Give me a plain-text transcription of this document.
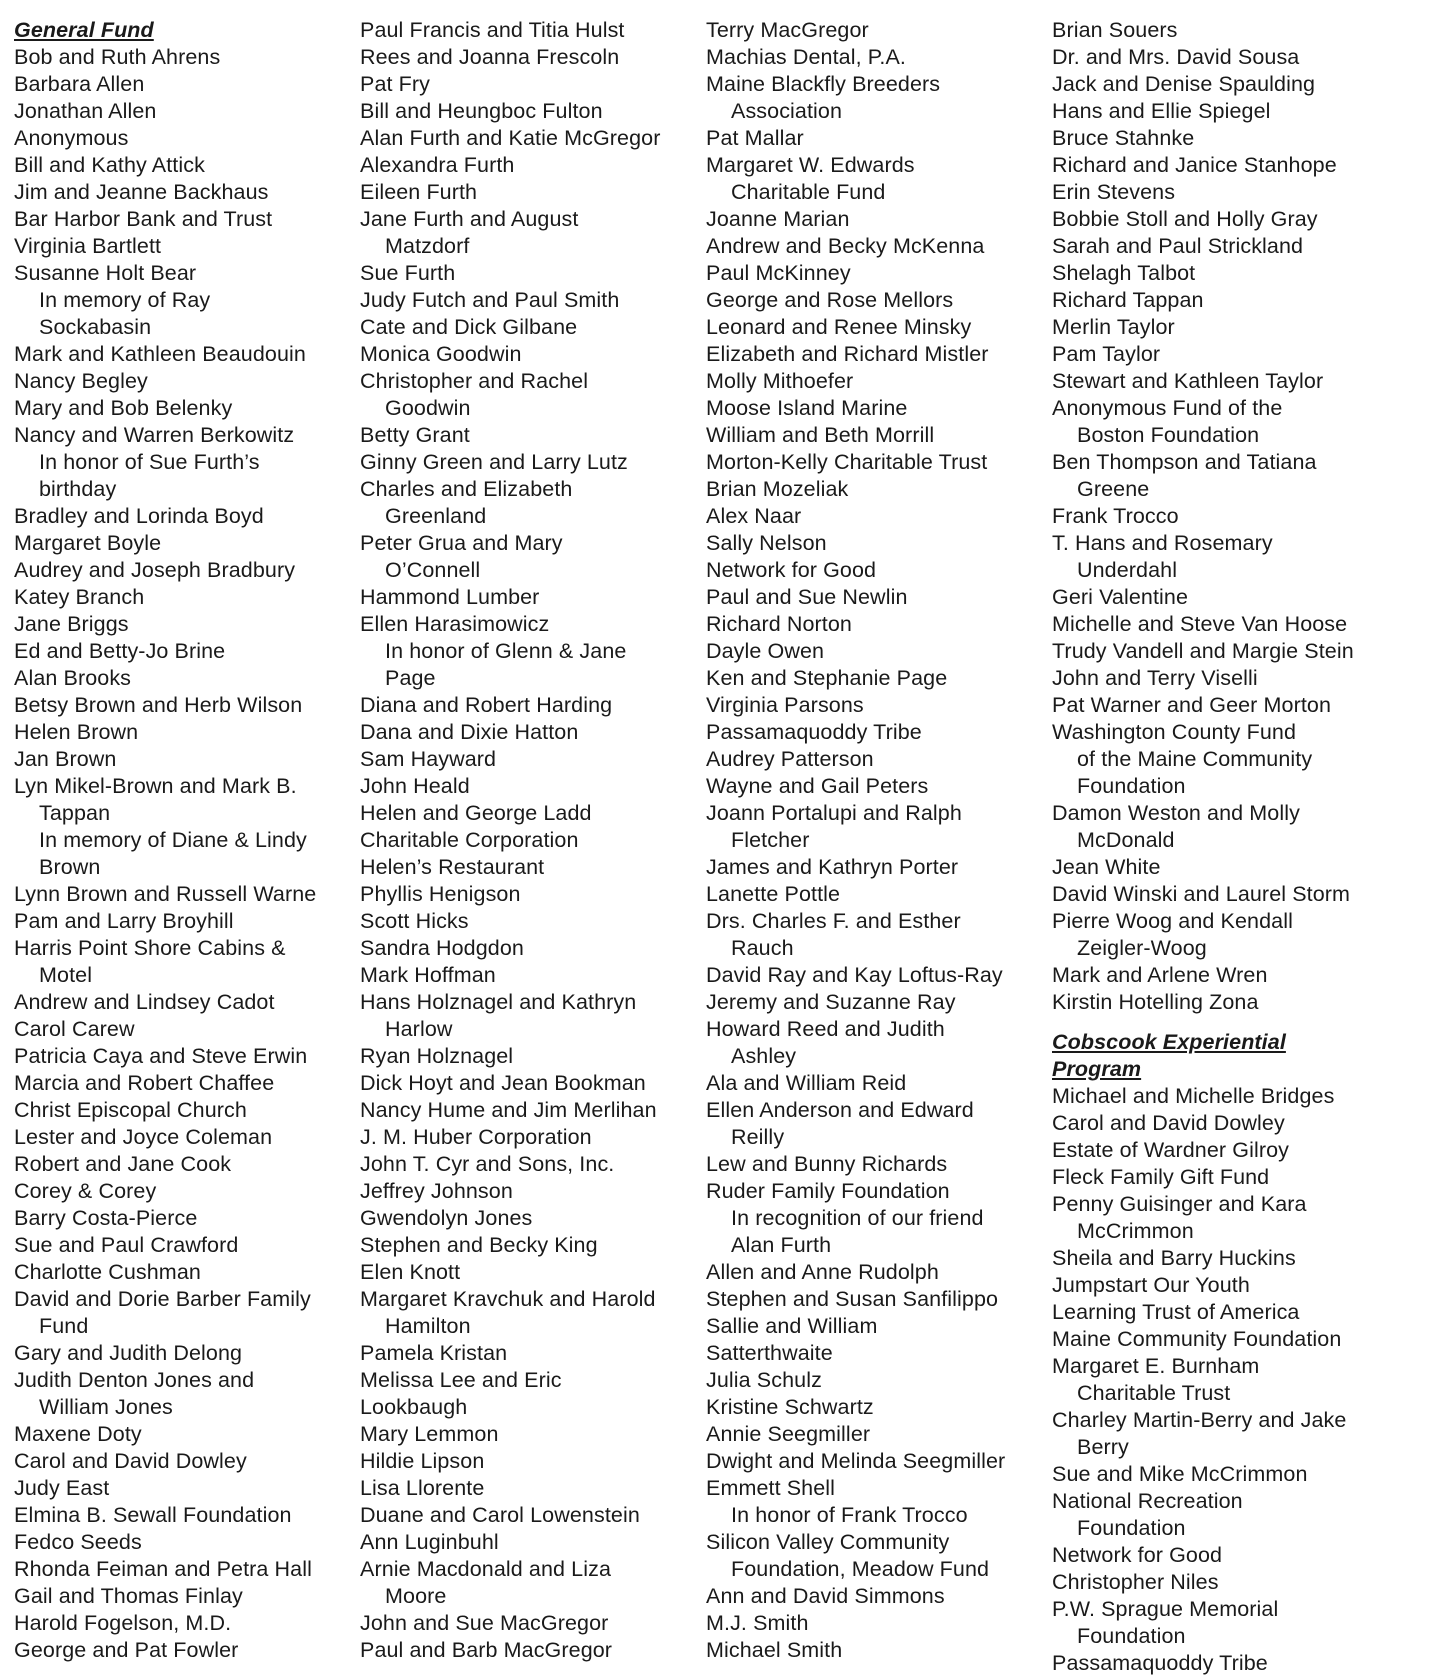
General Fund
Bob and Ruth Ahrens
Barbara Allen
Jonathan Allen
Anonymous
Bill and Kathy Attick
Jim and Jeanne Backhaus
Bar Harbor Bank and Trust
Virginia Bartlett
Susanne Holt Bear
In memory of Ray
Sockabasin
Mark and Kathleen Beaudouin
Nancy Begley
Mary and Bob Belenky
Nancy and Warren Berkowitz
In honor of Sue Furth’s
birthday
Bradley and Lorinda Boyd
Margaret Boyle
Audrey and Joseph Bradbury
Katey Branch
Jane Briggs
Ed and Betty-Jo Brine
Alan Brooks
Betsy Brown and Herb Wilson
Helen Brown
Jan Brown
Lyn Mikel-Brown and Mark B.
Tappan
In memory of Diane & Lindy
Brown
Lynn Brown and Russell Warne
Pam and Larry Broyhill
Harris Point Shore Cabins &
Motel
Andrew and Lindsey Cadot
Carol Carew
Patricia Caya and Steve Erwin
Marcia and Robert Chaffee
Christ Episcopal Church
Lester and Joyce Coleman
Robert and Jane Cook
Corey & Corey
Barry Costa-Pierce
Sue and Paul Crawford
Charlotte Cushman
David and Dorie Barber Family
Fund
Gary and Judith Delong
Judith Denton Jones and
William Jones
Maxene Doty
Carol and David Dowley
Judy East
Elmina B. Sewall Foundation
Fedco Seeds
Rhonda Feiman and Petra Hall
Gail and Thomas Finlay
Harold Fogelson, M.D.
George and Pat Fowler
Paul Francis and Titia Hulst
Rees and Joanna Frescoln
Pat Fry
Bill and Heungboc Fulton
Alan Furth and Katie McGregor
Alexandra Furth
Eileen Furth
Jane Furth and August
Matzdorf
Sue Furth
Judy Futch and Paul Smith
Cate and Dick Gilbane
Monica Goodwin
Christopher and Rachel
Goodwin
Betty Grant
Ginny Green and Larry Lutz
Charles and Elizabeth
Greenland
Peter Grua and Mary
O’Connell
Hammond Lumber
Ellen Harasimowicz
In honor of Glenn & Jane
Page
Diana and Robert Harding
Dana and Dixie Hatton
Sam Hayward
John Heald
Helen and George Ladd
Charitable Corporation
Helen’s Restaurant
Phyllis Henigson
Scott Hicks
Sandra Hodgdon
Mark Hoffman
Hans Holznagel and Kathryn
Harlow
Ryan Holznagel
Dick Hoyt and Jean Bookman
Nancy Hume and Jim Merlihan
J. M. Huber Corporation
John T. Cyr and Sons, Inc.
Jeffrey Johnson
Gwendolyn Jones
Stephen and Becky King
Elen Knott
Margaret Kravchuk and Harold
Hamilton
Pamela Kristan
Melissa Lee and Eric
Lookbaugh
Mary Lemmon
Hildie Lipson
Lisa Llorente
Duane and Carol Lowenstein
Ann Luginbuhl
Arnie Macdonald and Liza
Moore
John and Sue MacGregor
Paul and Barb MacGregor
Terry MacGregor
Machias Dental, P.A.
Maine Blackfly Breeders
Association
Pat Mallar
Margaret W. Edwards
Charitable Fund
Joanne Marian
Andrew and Becky McKenna
Paul McKinney
George and Rose Mellors
Leonard and Renee Minsky
Elizabeth and Richard Mistler
Molly Mithoefer
Moose Island Marine
William and Beth Morrill
Morton-Kelly Charitable Trust
Brian Mozeliak
Alex Naar
Sally Nelson
Network for Good
Paul and Sue Newlin
Richard Norton
Dayle Owen
Ken and Stephanie Page
Virginia Parsons
Passamaquoddy Tribe
Audrey Patterson
Wayne and Gail Peters
Joann Portalupi and Ralph
Fletcher
James and Kathryn Porter
Lanette Pottle
Drs. Charles F. and Esther
Rauch
David Ray and Kay Loftus-Ray
Jeremy and Suzanne Ray
Howard Reed and Judith
Ashley
Ala and William Reid
Ellen Anderson and Edward
Reilly
Lew and Bunny Richards
Ruder Family Foundation
In recognition of our friend
Alan Furth
Allen and Anne Rudolph
Stephen and Susan Sanfilippo
Sallie and William
Satterthwaite
Julia Schulz
Kristine Schwartz
Annie Seegmiller
Dwight and Melinda Seegmiller
Emmett Shell
In honor of Frank Trocco
Silicon Valley Community
Foundation, Meadow Fund
Ann and David Simmons
M.J. Smith
Michael Smith
Brian Souers
Dr. and Mrs. David Sousa
Jack and Denise Spaulding
Hans and Ellie Spiegel
Bruce Stahnke
Richard and Janice Stanhope
Erin Stevens
Bobbie Stoll and Holly Gray
Sarah and Paul Strickland
Shelagh Talbot
Richard Tappan
Merlin Taylor
Pam Taylor
Stewart and Kathleen Taylor
Anonymous Fund of the
Boston Foundation
Ben Thompson and Tatiana
Greene
Frank Trocco
T. Hans and Rosemary
Underdahl
Geri Valentine
Michelle and Steve Van Hoose
Trudy Vandell and Margie Stein
John and Terry Viselli
Pat Warner and Geer Morton
Washington County Fund
of the Maine Community
Foundation
Damon Weston and Molly
McDonald
Jean White
David Winski and Laurel Storm
Pierre Woog and Kendall
Zeigler-Woog
Mark and Arlene Wren
Kirstin Hotelling Zona
Cobscook Experiential
Program
Michael and Michelle Bridges
Carol and David Dowley
Estate of Wardner Gilroy
Fleck Family Gift Fund
Penny Guisinger and Kara
McCrimmon
Sheila and Barry Huckins
Jumpstart Our Youth
Learning Trust of America
Maine Community Foundation
Margaret E. Burnham
Charitable Trust
Charley Martin-Berry and Jake
Berry
Sue and Mike McCrimmon
National Recreation
Foundation
Network for Good
Christopher Niles
P.W. Sprague Memorial
Foundation
Passamaquoddy Tribe
